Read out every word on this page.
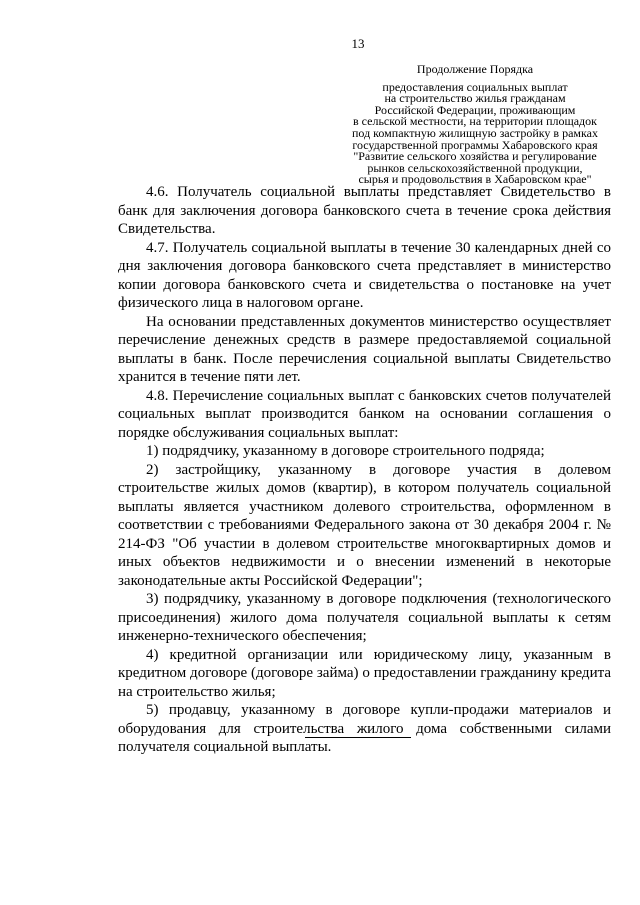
13
Продолжение Порядка
предоставления социальных выплат
на строительство жилья гражданам
Российской Федерации, проживающим
в сельской местности, на территории площадок
под компактную жилищную застройку в рамках
государственной программы Хабаровского края
"Развитие сельского хозяйства и регулирование
рынков сельскохозяйственной продукции,
сырья и продовольствия в Хабаровском крае"

4.6. Получатель социальной выплаты представляет Свидетельство в банк для заключения договора банковского счета в течение срока действия Свидетельства.

4.7. Получатель социальной выплаты в течение 30 календарных дней со дня заключения договора банковского счета представляет в министерство копии договора банковского счета и свидетельства о постановке на учет физического лица в налоговом органе.

На основании представленных документов министерство осуществляет перечисление денежных средств в размере предоставляемой социальной выплаты в банк. После перечисления социальной выплаты Свидетельство хранится в течение пяти лет.

4.8. Перечисление социальных выплат с банковских счетов получателей социальных выплат производится банком на основании соглашения о порядке обслуживания социальных выплат:

1) подрядчику, указанному в договоре строительного подряда;

2) застройщику, указанному в договоре участия в долевом строительстве жилых домов (квартир), в котором получатель социальной выплаты является участником долевого строительства, оформленном в соответствии с требованиями Федерального закона от 30 декабря 2004 г. № 214-ФЗ "Об участии в долевом строительстве многоквартирных домов и иных объектов недвижимости и о внесении изменений в некоторые законодательные акты Российской Федерации";

3) подрядчику, указанному в договоре подключения (технологического присоединения) жилого дома получателя социальной выплаты к сетям инженерно-технического обеспечения;

4) кредитной организации или юридическому лицу, указанным в кредитном договоре (договоре займа) о предоставлении гражданину кредита на строительство жилья;

5) продавцу, указанному в договоре купли-продажи материалов и оборудования для строительства жилого дома собственными силами получателя социальной выплаты.
